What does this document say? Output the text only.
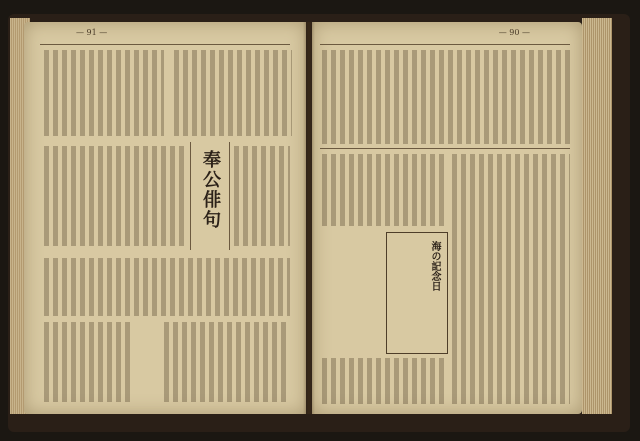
— 91 —
奉公俳句
— 90 —
海の記念日
